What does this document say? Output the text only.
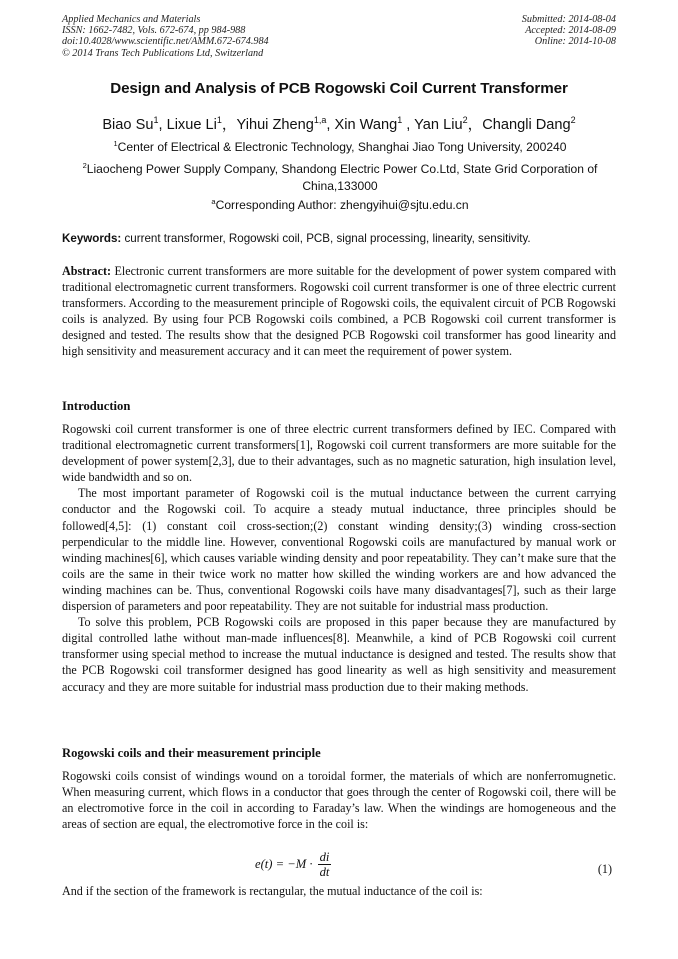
Applied Mechanics and Materials
ISSN: 1662-7482, Vols. 672-674, pp 984-988
doi:10.4028/www.scientific.net/AMM.672-674.984
© 2014 Trans Tech Publications Ltd, Switzerland
Submitted: 2014-08-04
Accepted: 2014-08-09
Online: 2014-10-08
Design and Analysis of PCB Rogowski Coil Current Transformer
Biao Su$^1$, Lixue Li$^1$，Yihui Zheng$^{1,a}$, Xin Wang$^1$ , Yan Liu$^2$，Changli Dang$^2$
$^1$Center of Electrical & Electronic Technology, Shanghai Jiao Tong University, 200240
$^2$Liaocheng Power Supply Company, Shandong Electric Power Co.Ltd, State Grid Corporation of China,133000
$^a$Corresponding Author: zhengyihui@sjtu.edu.cn
Keywords: current transformer, Rogowski coil, PCB, signal processing, linearity, sensitivity.

Abstract: Electronic current transformers are more suitable for the development of power system compared with traditional electromagnetic current transformers. Rogowski coil current transformer is one of three electric current transformers. According to the measurement principle of Rogowski coils, the equivalent circuit of PCB Rogowski coils is analyzed. By using four PCB Rogowski coils combined, a PCB Rogowski coil current transformer is designed and tested. The results show that the designed PCB Rogowski coil transformer has good linearity and high sensitivity and measurement accuracy and it can meet the requirement of power system.

Introduction

Rogowski coil current transformer is one of three electric current transformers defined by IEC. Compared with traditional electromagnetic current transformers[1], Rogowski coil current transformers are more suitable for the development of power system[2,3], due to their advantages, such as no magnetic saturation, high insulation level, wide bandwidth and so on.

The most important parameter of Rogowski coil is the mutual inductance between the current carrying conductor and the Rogowski coil. To acquire a steady mutual inductance, three principles should be followed[4,5]: (1) constant coil cross-section;(2) constant winding density;(3) winding cross-section perpendicular to the middle line. However, conventional Rogowski coils are manufactured by manual work or winding machines[6], which causes variable winding density and poor repeatability. They can’t make sure that the coils are the same in their twice work no matter how skilled the winding workers are and how advanced the winding machines can be. Thus, conventional Rogowski coils have many disadvantages[7], such as their large dispersion of parameters and poor repeatability. They are not suitable for industrial mass production.

To solve this problem, PCB Rogowski coils are proposed in this paper because they are manufactured by digital controlled lathe without man-made influences[8]. Meanwhile, a kind of PCB Rogowski coil current transformer using special method to increase the mutual inductance is designed and tested. The results show that the PCB Rogowski coil transformer designed has good linearity as well as high sensitivity and measurement accuracy and they are more suitable for industrial mass production due to their making methods.

Rogowski coils and their measurement principle

Rogowski coils consist of windings wound on a toroidal former, the materials of which are nonferromugnetic. When measuring current, which flows in a conductor that goes through the center of Rogowski coil, there will be an electromotive force in the coil in according to Faraday’s law. When the windings are homogeneous and the areas of section are equal, the electromotive force in the coil is:

$e(t) = -M \cdot \frac{di}{dt}$	(1)
And if the section of the framework is rectangular, the mutual inductance of the coil is:
